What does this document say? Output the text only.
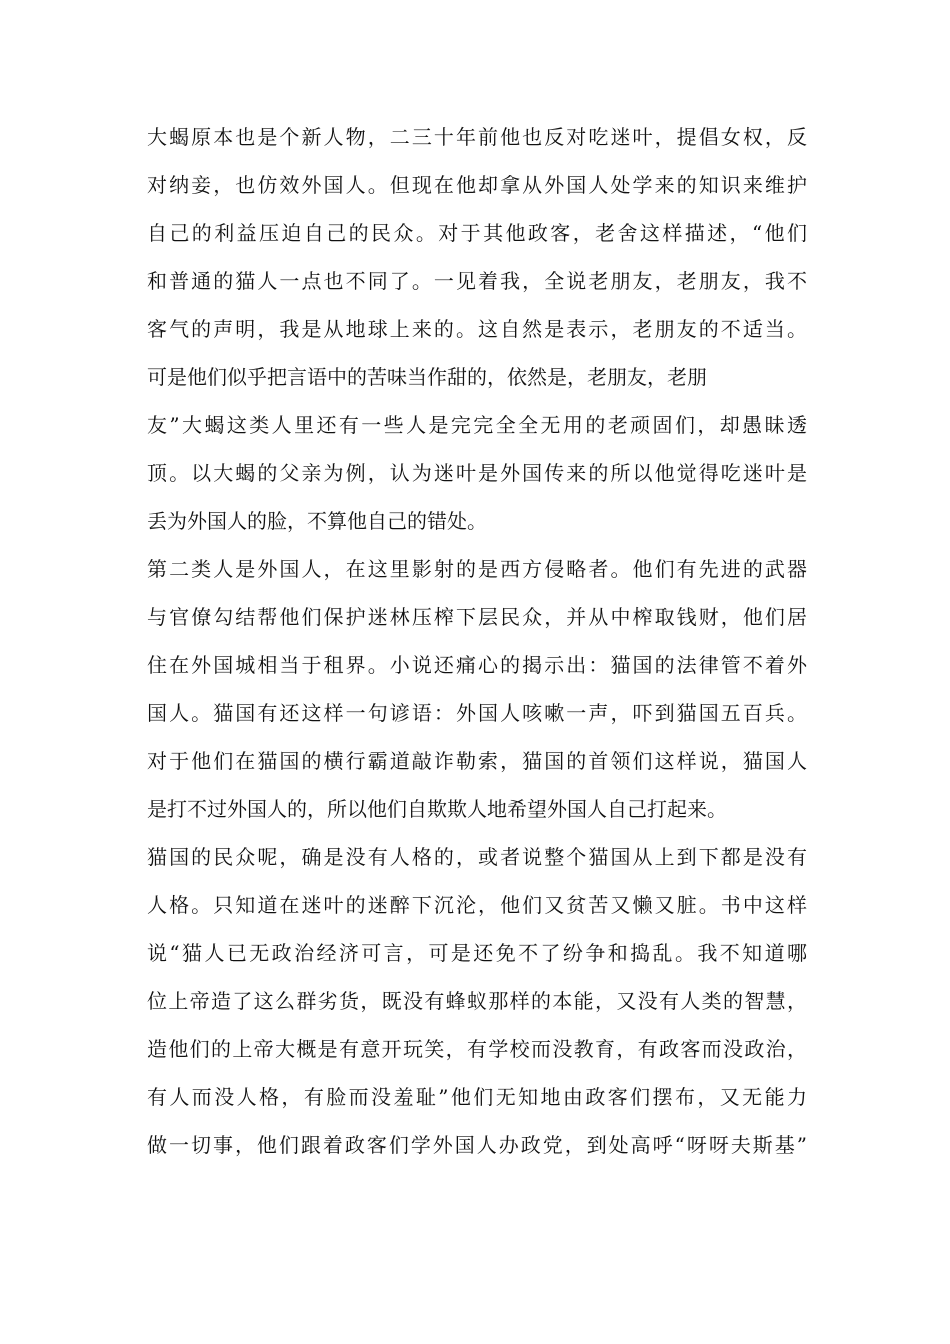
大蝎原本也是个新人物，二三十年前他也反对吃迷叶，提倡女权，反
对纳妾，也仿效外国人。但现在他却拿从外国人处学来的知识来维护
自己的利益压迫自己的民众。对于其他政客，老舍这样描述，“他们
和普通的猫人一点也不同了。一见着我，全说老朋友，老朋友，我不
客气的声明，我是从地球上来的。这自然是表示，老朋友的不适当。
可是他们似乎把言语中的苦味当作甜的，依然是，老朋友，老朋
友”大蝎这类人里还有一些人是完完全全无用的老顽固们，却愚昧透
顶。以大蝎的父亲为例，认为迷叶是外国传来的所以他觉得吃迷叶是
丢为外国人的脸，不算他自己的错处。
第二类人是外国人，在这里影射的是西方侵略者。他们有先进的武器
与官僚勾结帮他们保护迷林压榨下层民众，并从中榨取钱财，他们居
住在外国城相当于租界。小说还痛心的揭示出：猫国的法律管不着外
国人。猫国有还这样一句谚语：外国人咳嗽一声，吓到猫国五百兵。
对于他们在猫国的横行霸道敲诈勒索，猫国的首领们这样说，猫国人
是打不过外国人的，所以他们自欺欺人地希望外国人自己打起来。
猫国的民众呢，确是没有人格的，或者说整个猫国从上到下都是没有
人格。只知道在迷叶的迷醉下沉沦，他们又贫苦又懒又脏。书中这样
说“猫人已无政治经济可言，可是还免不了纷争和捣乱。我不知道哪
位上帝造了这么群劣货，既没有蜂蚁那样的本能，又没有人类的智慧，
造他们的上帝大概是有意开玩笑，有学校而没教育，有政客而没政治，
有人而没人格，有脸而没羞耻”他们无知地由政客们摆布，又无能力
做一切事，他们跟着政客们学外国人办政党，到处高呼“呀呀夫斯基”
